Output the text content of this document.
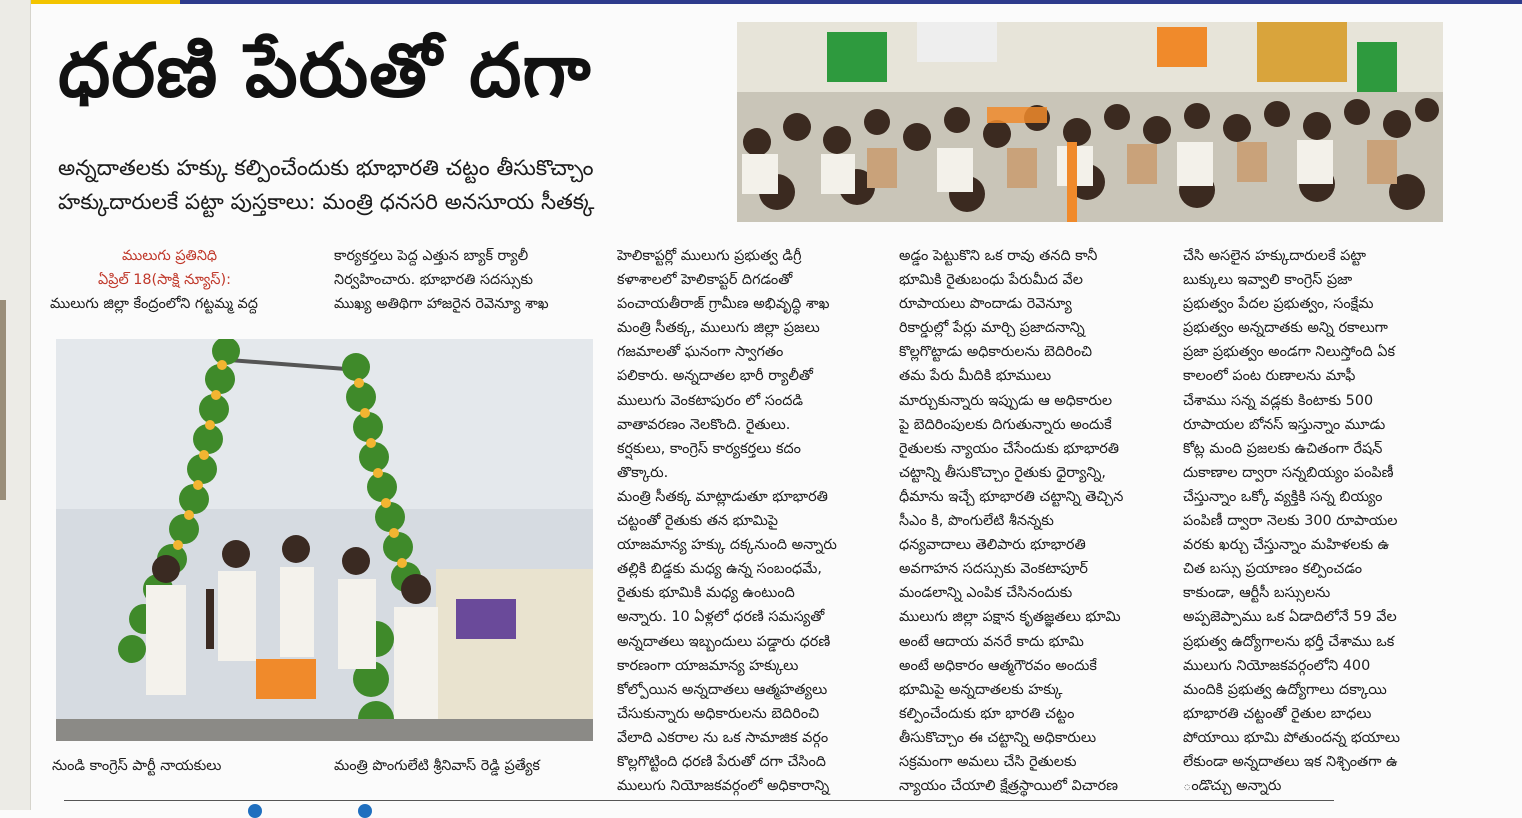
ధరణి పేరుతో దగా
అన్నదాతలకు హక్కు కల్పించేందుకు భూభారతి చట్టం తీసుకొచ్చాం
హక్కుదారులకే పట్టా పుస్తకాలు: మంత్రి ధనసరి అనసూయ సీతక్క
ములుగు ప్రతినిధి
ఏప్రిల్ 18(సాక్షి న్యూస్):
ములుగు జిల్లా కేంద్రంలోని గట్టమ్మ వద్ద
కార్యకర్తలు పెద్ద ఎత్తున బ్యాక్ ర్యాలీ
నిర్వహించారు. భూభారతి సదస్సుకు
ముఖ్య అతిథిగా హాజరైన రెవెన్యూ శాఖ
నుండి కాంగ్రెస్ పార్టీ నాయకులు	మంత్రి పొంగులేటి శ్రీనివాస్ రెడ్డి ప్రత్యేక
హెలికాప్టర్లో ములుగు ప్రభుత్వ డిగ్రీ
కళాశాలలో హెలికాప్టర్ దిగడంతో
పంచాయతీరాజ్ గ్రామీణ అభివృద్ధి శాఖ
మంత్రి సీతక్క, ములుగు జిల్లా ప్రజలు
గజమాలతో ఘనంగా స్వాగతం
పలికారు. అన్నదాతల భారీ ర్యాలీతో
ములుగు వెంకటాపురం లో సందడి
వాతావరణం నెలకొంది. రైతులు.
కర్షకులు, కాంగ్రెస్ కార్యకర్తలు కదం
తొక్కారు.
మంత్రి సీతక్క మాట్లాడుతూ భూభారతి
చట్టంతో రైతుకు తన భూమిపై
యాజమాన్య హక్కు దక్కనుంది అన్నారు
తల్లికి బిడ్డకు మధ్య ఉన్న సంబంధమే,
రైతుకు భూమికి మధ్య ఉంటుంది
అన్నారు. 10 ఏళ్లలో ధరణి సమస్యతో
అన్నదాతలు ఇబ్బందులు పడ్డారు ధరణి
కారణంగా యాజమాన్య హక్కులు
కోల్పోయిన అన్నదాతలు ఆత్మహత్యలు
చేసుకున్నారు అధికారులను బెదిరించి
వేలాది ఎకరాల ను ఒక సామాజిక వర్గం
కొల్లగొట్టింది ధరణి పేరుతో దగా చేసింది
ములుగు నియోజకవర్గంలో అధికారాన్ని
అడ్డం పెట్టుకొని ఒక రావు తనది కానీ
భూమికి రైతుబంధు పేరుమీద వేల
రూపాయలు పొందాడు రెవెన్యూ
రికార్డుల్లో పేర్లు మార్చి ప్రజాదనాన్ని
కొల్లగొట్టాడు అధికారులను బెదిరించి
తమ పేరు మీదికి భూములు
మార్చుకున్నారు ఇప్పుడు ఆ అధికారుల
పై బెదిరింపులకు దిగుతున్నారు అందుకే
రైతులకు న్యాయం చేసేందుకు భూభారతి
చట్టాన్ని తీసుకొచ్చాం రైతుకు ధైర్యాన్ని,
ధీమాను ఇచ్చే భూభారతి చట్టాన్ని తెచ్చిన
సీఎం కి, పొంగులేటి శీనన్నకు
ధన్యవాదాలు తెలిపారు భూభారతి
అవగాహన సదస్సుకు వెంకటాపూర్
మండలాన్ని ఎంపిక చేసినందుకు
ములుగు జిల్లా పక్షాన కృతజ్ఞతలు భూమి
అంటే ఆదాయ వనరే కాదు భూమి
అంటే అధికారం ఆత్మగౌరవం అందుకే
భూమిపై అన్నదాతలకు హక్కు
కల్పించేందుకు భూ భారతి చట్టం
తీసుకొచ్చాం ఈ చట్టాన్ని అధికారులు
సక్రమంగా అమలు చేసి రైతులకు
న్యాయం చేయాలి క్షేత్రస్థాయిలో విచారణ
చేసి అసలైన హక్కుదారులకే పట్టా
బుక్కులు ఇవ్వాలి కాంగ్రెస్ ప్రజా
ప్రభుత్వం పేదల ప్రభుత్వం, సంక్షేమ
ప్రభుత్వం అన్నదాతకు అన్ని రకాలుగా
ప్రజా ప్రభుత్వం అండగా నిలుస్తోంది ఏక
కాలంలో పంట రుణాలను మాఫీ
చేశాము సన్న వడ్లకు కింటాకు 500
రూపాయల బోనస్ ఇస్తున్నాం మూడు
కోట్ల మంది ప్రజలకు ఉచితంగా రేషన్
దుకాణాల ద్వారా సన్నబియ్యం పంపిణీ
చేస్తున్నాం ఒక్కో వ్యక్తికి సన్న బియ్యం
పంపిణీ ద్వారా నెలకు 300 రూపాయల
వరకు ఖర్చు చేస్తున్నాం మహిళలకు ఉ
చిత బస్సు ప్రయాణం కల్పించడం
కాకుండా, ఆర్టీసీ బస్సులను
అప్పజెప్పాము ఒక ఏడాదిలోనే 59 వేల
ప్రభుత్వ ఉద్యోగాలను భర్తీ చేశాము ఒక
ములుగు నియోజకవర్గంలోని 400
మందికి ప్రభుత్వ ఉద్యోగాలు దక్కాయి
భూభారతి చట్టంతో రైతుల బాధలు
పోయాయి భూమి పోతుందన్న భయాలు
లేకుండా అన్నదాతలు ఇక నిశ్చింతగా ఉ
ండొచ్చు అన్నారు
